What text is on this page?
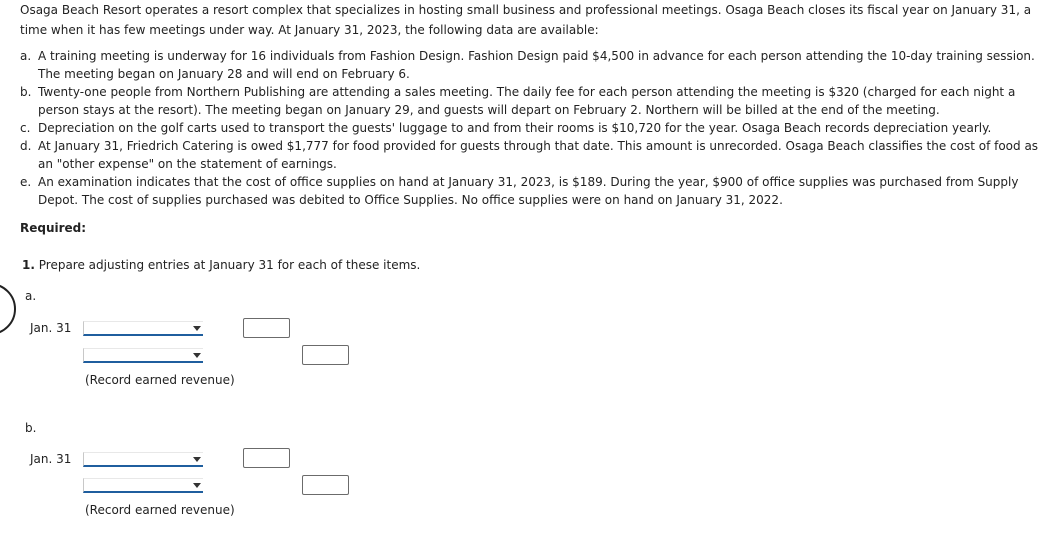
Osaga Beach Resort operates a resort complex that specializes in hosting small business and professional meetings. Osaga Beach closes its fiscal year on January 31, a time when it has few meetings under way. At January 31, 2023, the following data are available:

a. A training meeting is underway for 16 individuals from Fashion Design. Fashion Design paid $4,500 in advance for each person attending the 10-day training session. The meeting began on January 28 and will end on February 6.
b. Twenty-one people from Northern Publishing are attending a sales meeting. The daily fee for each person attending the meeting is $320 (charged for each night a person stays at the resort). The meeting began on January 29, and guests will depart on February 2. Northern will be billed at the end of the meeting.
c. Depreciation on the golf carts used to transport the guests' luggage to and from their rooms is $10,720 for the year. Osaga Beach records depreciation yearly.
d. At January 31, Friedrich Catering is owed $1,777 for food provided for guests through that date. This amount is unrecorded. Osaga Beach classifies the cost of food as an "other expense" on the statement of earnings.
e. An examination indicates that the cost of office supplies on hand at January 31, 2023, is $189. During the year, $900 of office supplies was purchased from Supply Depot. The cost of supplies purchased was debited to Office Supplies. No office supplies were on hand on January 31, 2022.
Required:
1. Prepare adjusting entries at January 31 for each of these items.
a.
Jan. 31
(Record earned revenue)
b.
Jan. 31
(Record earned revenue)
